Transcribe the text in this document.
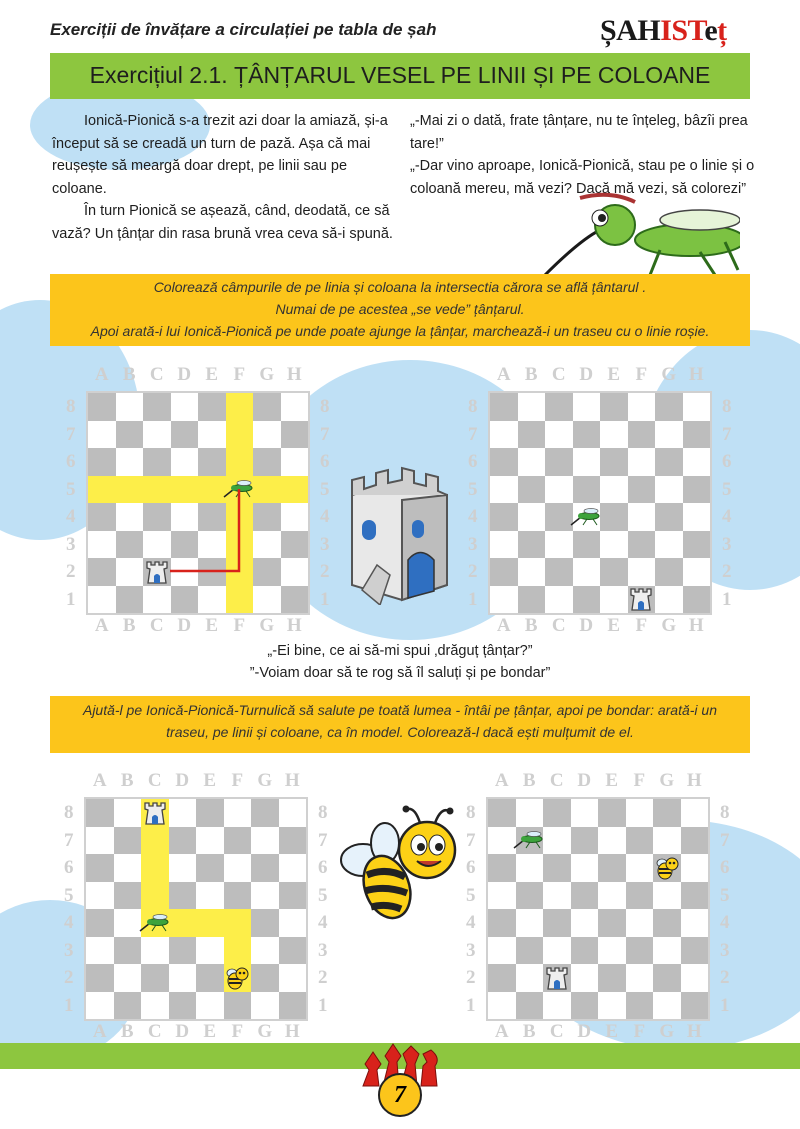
Exerciții de învățare a circulației pe tabla de șah	ȘAHISTeț
Exercițiul 2.1. ȚÂNȚARUL VESEL PE LINII ȘI PE COLOANE

Ionică-Pionică s-a trezit azi doar la amiază, și-a început să se creadă un turn de pază. Așa că mai reușește să meargă doar drept, pe linii sau pe coloane.

În turn Pionică se așează, când, deodată, ce să vază? Un țânțar din rasa brună vrea ceva să-i spună.

„-Mai zi o dată, frate țânțare, nu te înțeleg, bâzîi prea tare!”

„-Dar vino aproape, Ionică-Pionică, stau pe o linie și o coloană mereu, mă vezi? Dacă mă vezi, să colorezi”

Colorează câmpurile de pe linia și coloana la intersectia cărora se află țântarul .
Numai de pe acestea „se vede” țânțarul.
Apoi arată-i lui Ionică-Pionică pe unde poate ajunge la țânțar, marchează-i un traseu cu o linie roșie.
A B C D E F G H
A B C D E F G H
8
7
6
5
4
3
2
1
8
7
6
5
4
3
2
1
A B C D E F G H
A B C D E F G H
8
7
6
5
4
3
2
1
8
7
6
5
4
3
2
1
„-Ei bine, ce ai să-mi spui ‚drăguț țânțar?”
”-Voiam doar să te rog să îl saluți și pe bondar”
Ajută-l pe Ionică-Pionică-Turnulică să salute pe toată lumea - întâi pe țânțar, apoi pe bondar: arată-i un
traseu, pe linii și coloane, ca în model. Colorează-l dacă ești mulțumit de el.
A B C D E F G H
A B C D E F G H
8
7
6
5
4
3
2
1
8
7
6
5
4
3
2
1
A B C D E F G H
A B C D E F G H
8
7
6
5
4
3
2
1
8
7
6
5
4
3
2
1
7
